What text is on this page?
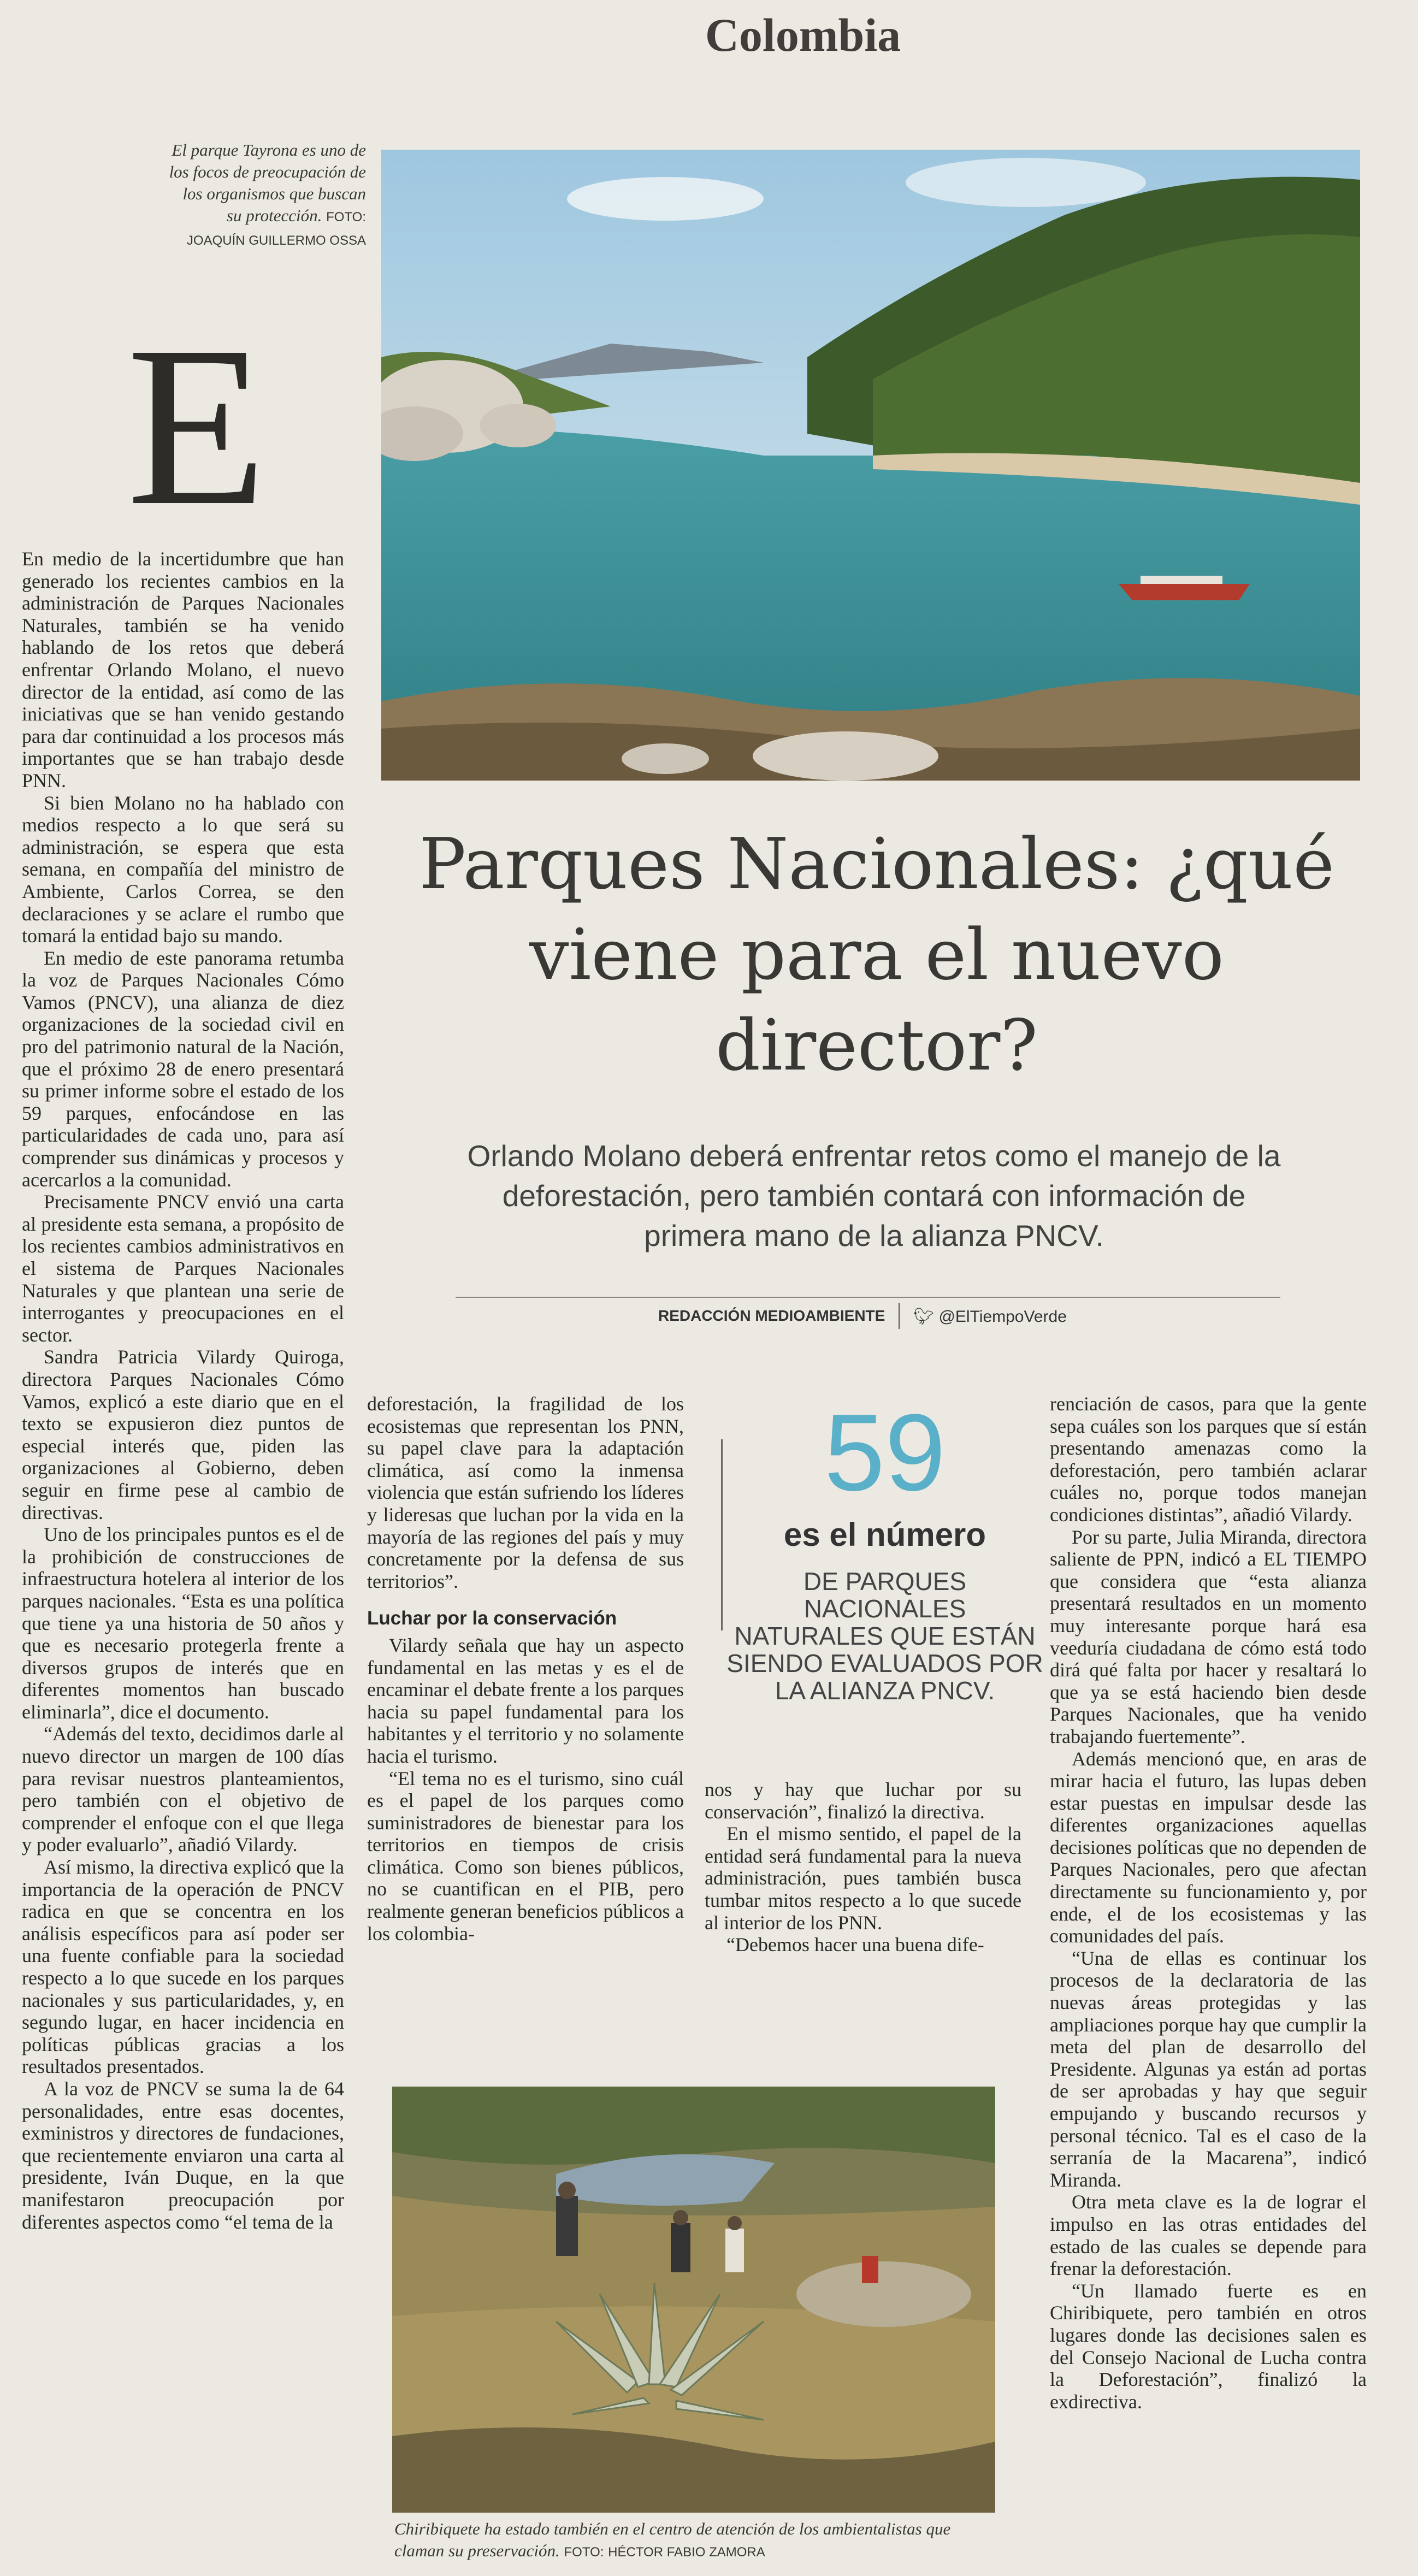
Colombia
El parque Tayrona es uno de los focos de preocupación de los organismos que buscan su protección. FOTO:
JOAQUÍN GUILLERMO OSSA
E

En medio de la incertidumbre que han generado los recientes cambios en la administración de Parques Nacionales Naturales, también se ha venido hablando de los retos que deberá enfrentar Orlando Molano, el nuevo director de la entidad, así como de las iniciativas que se han venido gestando para dar continuidad a los procesos más importantes que se han trabajo desde PNN.

Si bien Molano no ha hablado con medios respecto a lo que será su administración, se espera que esta semana, en compañía del ministro de Ambiente, Carlos Correa, se den declaraciones y se aclare el rumbo que tomará la entidad bajo su mando.

En medio de este panorama retumba la voz de Parques Nacionales Cómo Vamos (PNCV), una alianza de diez organizaciones de la sociedad civil en pro del patrimonio natural de la Nación, que el próximo 28 de enero presentará su primer informe sobre el estado de los 59 parques, enfocándose en las particularidades de cada uno, para así comprender sus dinámicas y procesos y acercarlos a la comunidad.

Precisamente PNCV envió una carta al presidente esta semana, a propósito de los recientes cambios administrativos en el sistema de Parques Nacionales Naturales y que plantean una serie de interrogantes y preocupaciones en el sector.

Sandra Patricia Vilardy Quiroga, directora Parques Nacionales Cómo Vamos, explicó a este diario que en el texto se expusieron diez puntos de especial interés que, piden las organizaciones al Gobierno, deben seguir en firme pese al cambio de directivas.

Uno de los principales puntos es el de la prohibición de construcciones de infraestructura hotelera al interior de los parques nacionales. “Esta es una política que tiene ya una historia de 50 años y que es necesario protegerla frente a diversos grupos de interés que en diferentes momentos han buscado eliminarla”, dice el documento.

“Además del texto, decidimos darle al nuevo director un margen de 100 días para revisar nuestros planteamientos, pero también con el objetivo de comprender el enfoque con el que llega y poder evaluarlo”, añadió Vilardy.

Así mismo, la directiva explicó que la importancia de la operación de PNCV radica en que se concentra en los análisis específicos para así poder ser una fuente confiable para la sociedad respecto a lo que sucede en los parques nacionales y sus particularidades, y, en segundo lugar, en hacer incidencia en políticas públicas gracias a los resultados presentados.

A la voz de PNCV se suma la de 64 personalidades, entre esas docentes, exministros y directores de fundaciones, que recientemente enviaron una carta al presidente, Iván Duque, en la que manifestaron preocupación por diferentes aspectos como “el tema de la

Parques Nacionales: ¿qué viene para el nuevo director?
Orlando Molano deberá enfrentar retos como el manejo de la deforestación, pero también contará con información de primera mano de la alianza PNCV.
REDACCIÓN MEDIOAMBIENTE 🐦︎ @ElTiempoVerde

deforestación, la fragilidad de los ecosistemas que representan los PNN, su papel clave para la adaptación climática, así como la inmensa violencia que están sufriendo los líderes y lideresas que luchan por la vida en la mayoría de las regiones del país y muy concretamente por la defensa de sus territorios”.

Luchar por la conservación

Vilardy señala que hay un aspecto fundamental en las metas y es el de encaminar el debate frente a los parques hacia su papel fundamental para los habitantes y el territorio y no solamente hacia el turismo.

“El tema no es el turismo, sino cuál es el papel de los parques como suministradores de bienestar para los territorios en tiempos de crisis climática. Como son bienes públicos, no se cuantifican en el PIB, pero realmente generan beneficios públicos a los colombia-

59
es el número
DE PARQUES NACIONALES NATURALES QUE ESTÁN SIENDO EVALUADOS POR LA ALIANZA PNCV.

nos y hay que luchar por su conservación”, finalizó la directiva.

En el mismo sentido, el papel de la entidad será fundamental para la nueva administración, pues también busca tumbar mitos respecto a lo que sucede al interior de los PNN.

“Debemos hacer una buena dife-

renciación de casos, para que la gente sepa cuáles son los parques que sí están presentando amenazas como la deforestación, pero también aclarar cuáles no, porque todos manejan condiciones distintas”, añadió Vilardy.

Por su parte, Julia Miranda, directora saliente de PPN, indicó a EL TIEMPO que considera que “esta alianza presentará resultados en un momento muy interesante porque hará esa veeduría ciudadana de cómo está todo dirá qué falta por hacer y resaltará lo que ya se está haciendo bien desde Parques Nacionales, que ha venido trabajando fuertemente”.

Además mencionó que, en aras de mirar hacia el futuro, las lupas deben estar puestas en impulsar desde las diferentes organizaciones aquellas decisiones políticas que no dependen de Parques Nacionales, pero que afectan directamente su funcionamiento y, por ende, el de los ecosistemas y las comunidades del país.

“Una de ellas es continuar los procesos de la declaratoria de las nuevas áreas protegidas y las ampliaciones porque hay que cumplir la meta del plan de desarrollo del Presidente. Algunas ya están ad portas de ser aprobadas y hay que seguir empujando y buscando recursos y personal técnico. Tal es el caso de la serranía de la Macarena”, indicó Miranda.

Otra meta clave es la de lograr el impulso en las otras entidades del estado de las cuales se depende para frenar la deforestación.

“Un llamado fuerte es en Chiribiquete, pero también en otros lugares donde las decisiones salen es del Consejo Nacional de Lucha contra la Deforestación”, finalizó la exdirectiva.

Chiribiquete ha estado también en el centro de atención de los ambientalistas que claman su preservación. FOTO: HÉCTOR FABIO ZAMORA
